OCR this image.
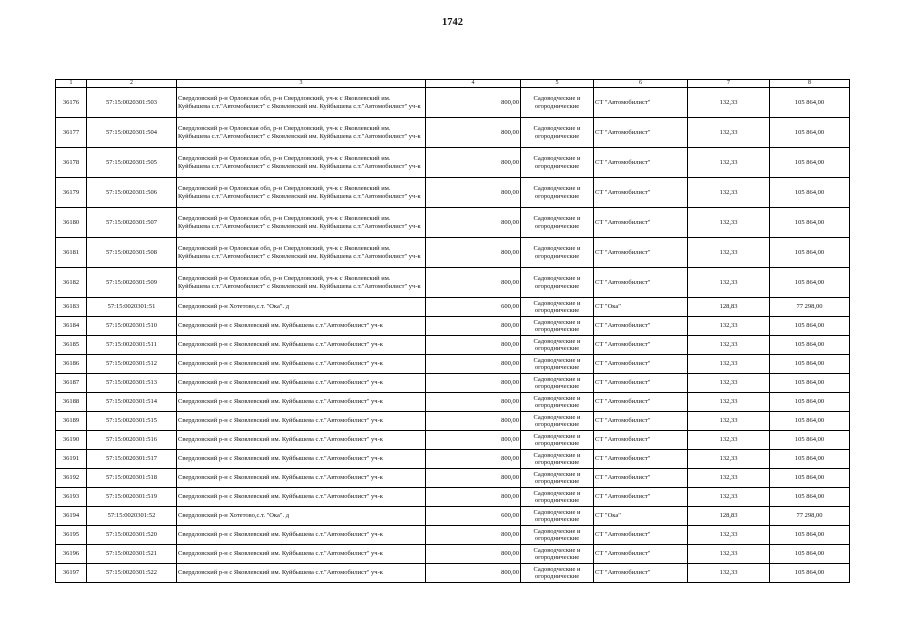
1742
1	2	3	4	5	6	7	8
36176	57:15:0020301:503	Свердловский р-н Орловская обл, р-н Свердловский, уч-к с Яковлевский им. Куйбышева с.т."Автомобилист" с Яковлевский им. Куйбышева с.т."Автомобилист" уч-к	800,00	Садоводческие и огороднические	СТ "Автомобилист"	132,33	105 864,00
36177	57:15:0020301:504	Свердловский р-н Орловская обл, р-н Свердловский, уч-к с Яковлевский им. Куйбышева с.т."Автомобилист" с Яковлевский им. Куйбышева с.т."Автомобилист" уч-к	800,00	Садоводческие и огороднические	СТ "Автомобилист"	132,33	105 864,00
36178	57:15:0020301:505	Свердловский р-н Орловская обл, р-н Свердловский, уч-к с Яковлевский им. Куйбышева с.т."Автомобилист" с Яковлевский им. Куйбышева с.т."Автомобилист" уч-к	800,00	Садоводческие и огороднические	СТ "Автомобилист"	132,33	105 864,00
36179	57:15:0020301:506	Свердловский р-н Орловская обл, р-н Свердловский, уч-к с Яковлевский им. Куйбышева с.т."Автомобилист" с Яковлевский им. Куйбышева с.т."Автомобилист" уч-к	800,00	Садоводческие и огороднические	СТ "Автомобилист"	132,33	105 864,00
36180	57:15:0020301:507	Свердловский р-н Орловская обл, р-н Свердловский, уч-к с Яковлевский им. Куйбышева с.т."Автомобилист" с Яковлевский им. Куйбышева с.т."Автомобилист" уч-к	800,00	Садоводческие и огороднические	СТ "Автомобилист"	132,33	105 864,00
36181	57:15:0020301:508	Свердловский р-н Орловская обл, р-н Свердловский, уч-к с Яковлевский им. Куйбышева с.т."Автомобилист" с Яковлевский им. Куйбышева с.т."Автомобилист" уч-к	800,00	Садоводческие и огороднические	СТ "Автомобилист"	132,33	105 864,00
36182	57:15:0020301:509	Свердловский р-н Орловская обл, р-н Свердловский, уч-к с Яковлевский им. Куйбышева с.т."Автомобилист" с Яковлевский им. Куйбышева с.т."Автомобилист" уч-к	800,00	Садоводческие и огороднические	СТ "Автомобилист"	132,33	105 864,00
36183	57:15:0020301:51	Свердловский р-н Хотетово,с.т. "Ока". д	600,00	Садоводческие и огороднические	СТ "Ока"	128,83	77 298,00
36184	57:15:0020301:510	Свердловский р-н с Яковлевский им. Куйбышева с.т."Автомобилист" уч-к	800,00	Садоводческие и огороднические	СТ "Автомобилист"	132,33	105 864,00
36185	57:15:0020301:511	Свердловский р-н с Яковлевский им. Куйбышева с.т."Автомобилист" уч-к	800,00	Садоводческие и огороднические	СТ "Автомобилист"	132,33	105 864,00
36186	57:15:0020301:512	Свердловский р-н с Яковлевский им. Куйбышева с.т."Автомобилист" уч-к	800,00	Садоводческие и огороднические	СТ "Автомобилист"	132,33	105 864,00
36187	57:15:0020301:513	Свердловский р-н с Яковлевский им. Куйбышева с.т."Автомобилист" уч-к	800,00	Садоводческие и огороднические	СТ "Автомобилист"	132,33	105 864,00
36188	57:15:0020301:514	Свердловский р-н с Яковлевский им. Куйбышева с.т."Автомобилист" уч-к	800,00	Садоводческие и огороднические	СТ "Автомобилист"	132,33	105 864,00
36189	57:15:0020301:515	Свердловский р-н с Яковлевский им. Куйбышева с.т."Автомобилист" уч-к	800,00	Садоводческие и огороднические	СТ "Автомобилист"	132,33	105 864,00
36190	57:15:0020301:516	Свердловский р-н с Яковлевский им. Куйбышева с.т."Автомобилист" уч-к	800,00	Садоводческие и огороднические	СТ "Автомобилист"	132,33	105 864,00
36191	57:15:0020301:517	Свердловский р-н с Яковлевский им. Куйбышева с.т."Автомобилист" уч-к	800,00	Садоводческие и огороднические	СТ "Автомобилист"	132,33	105 864,00
36192	57:15:0020301:518	Свердловский р-н с Яковлевский им. Куйбышева с.т."Автомобилист" уч-к	800,00	Садоводческие и огороднические	СТ "Автомобилист"	132,33	105 864,00
36193	57:15:0020301:519	Свердловский р-н с Яковлевский им. Куйбышева с.т."Автомобилист" уч-к	800,00	Садоводческие и огороднические	СТ "Автомобилист"	132,33	105 864,00
36194	57:15:0020301:52	Свердловский р-н Хотетово,с.т. "Ока". д	600,00	Садоводческие и огороднические	СТ "Ока"	128,83	77 298,00
36195	57:15:0020301:520	Свердловский р-н с Яковлевский им. Куйбышева с.т."Автомобилист" уч-к	800,00	Садоводческие и огороднические	СТ "Автомобилист"	132,33	105 864,00
36196	57:15:0020301:521	Свердловский р-н с Яковлевский им. Куйбышева с.т."Автомобилист" уч-к	800,00	Садоводческие и огороднические	СТ "Автомобилист"	132,33	105 864,00
36197	57:15:0020301:522	Свердловский р-н с Яковлевский им. Куйбышева с.т."Автомобилист" уч-к	800,00	Садоводческие и огороднические	СТ "Автомобилист"	132,33	105 864,00
